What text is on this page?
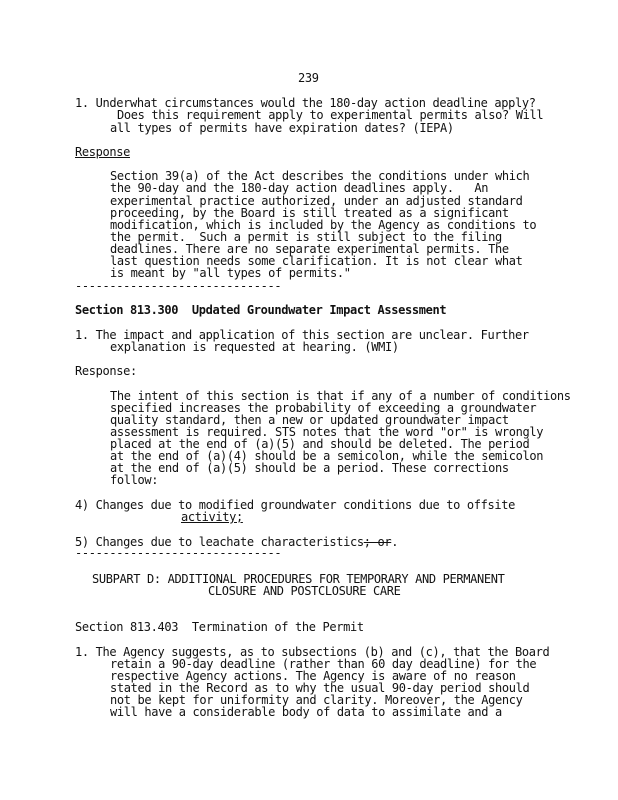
239
1. Underwhat circumstances would the 180-day action deadline apply?
Does this requirement apply to experimental permits also? Will
all types of permits have expiration dates? (IEPA)
Response
Section 39(a) of the Act describes the conditions under which
the 90-day and the 180-day action deadlines apply.   An
experimental practice authorized, under an adjusted standard
proceeding, by the Board is still treated as a significant
modification, which is included by the Agency as conditions to
the permit.  Such a permit is still subject to the filing
deadlines. There are no separate experimental permits. The
last question needs some clarification. It is not clear what
is meant by "all types of permits."
------------------------------
Section 813.300  Updated Groundwater Impact Assessment
1. The impact and application of this section are unclear. Further
explanation is requested at hearing. (WMI)
Response:
The intent of this section is that if any of a number of conditions
specified increases the probability of exceeding a groundwater
quality standard, then a new or updated groundwater impact
assessment is required. STS notes that the word "or" is wrongly
placed at the end of (a)(5) and should be deleted. The period
at the end of (a)(4) should be a semicolon, while the semicolon
at the end of (a)(5) should be a period. These corrections
follow:
4) Changes due to modified groundwater conditions due to offsite
activity;
5) Changes due to leachate characteristics; or.
------------------------------
SUBPART D: ADDITIONAL PROCEDURES FOR TEMPORARY AND PERMANENT
CLOSURE AND POSTCLOSURE CARE
Section 813.403  Termination of the Permit
1. The Agency suggests, as to subsections (b) and (c), that the Board
retain a 90-day deadline (rather than 60 day deadline) for the
respective Agency actions. The Agency is aware of no reason
stated in the Record as to why the usual 90-day period should
not be kept for uniformity and clarity. Moreover, the Agency
will have a considerable body of data to assimilate and a
